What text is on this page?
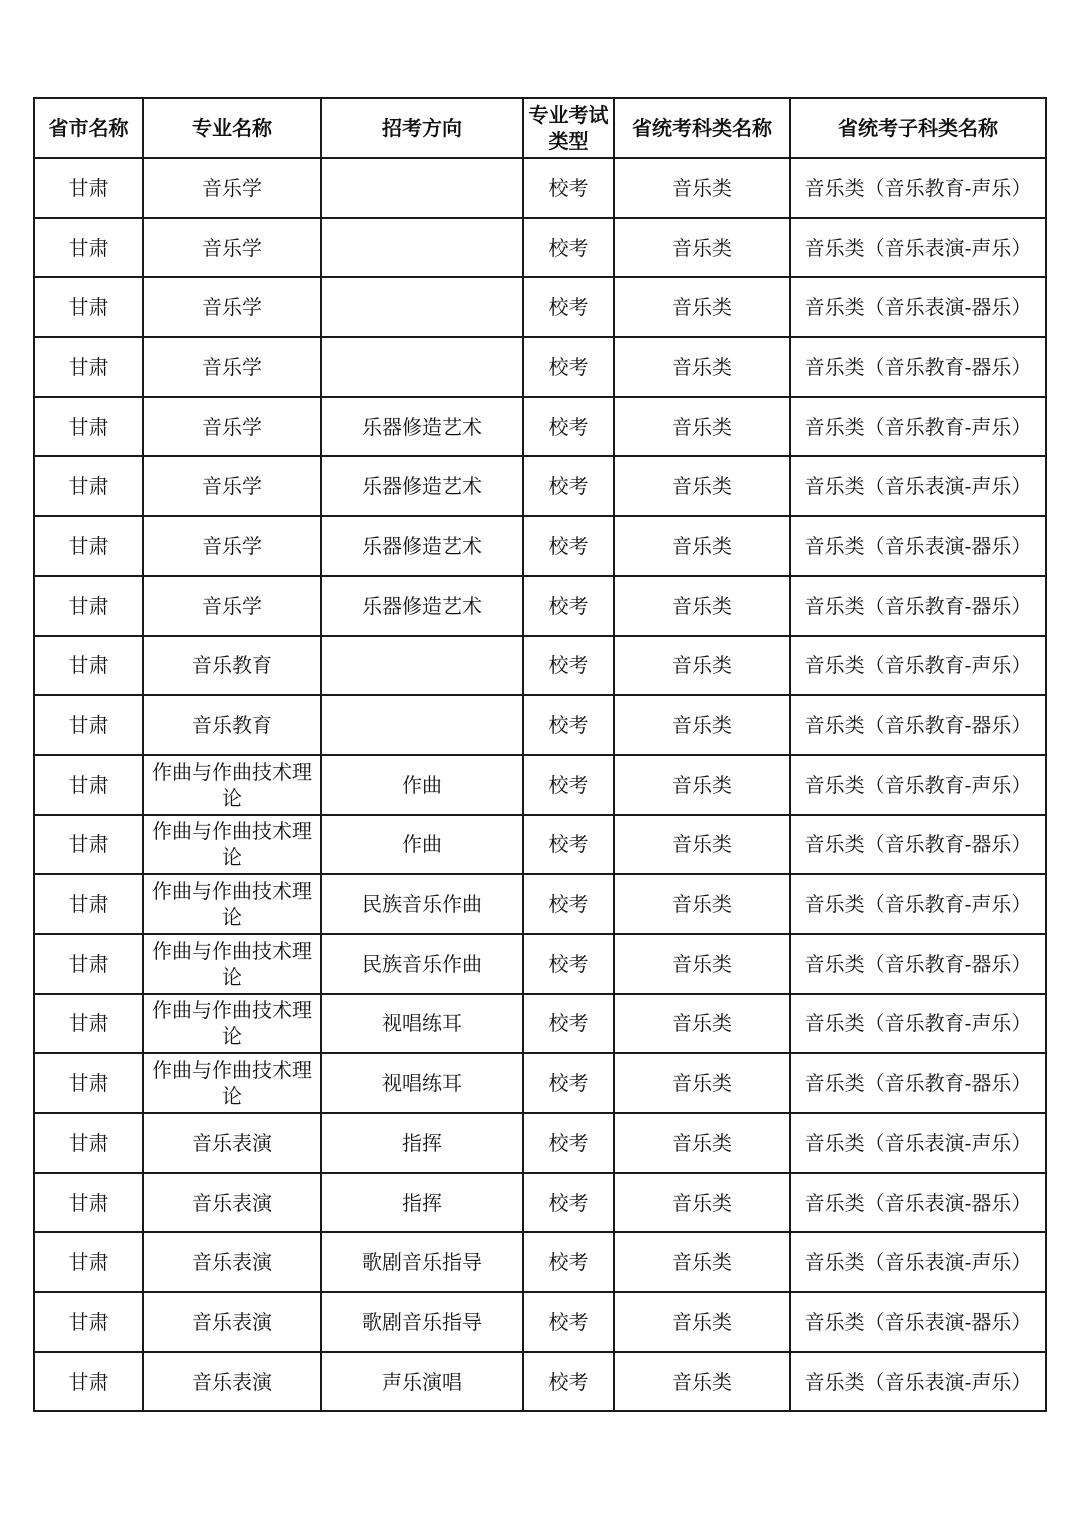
省市名称	专业名称	招考方向	专业考试类型	省统考科类名称	省统考子科类名称
甘肃	音乐学		校考	音乐类	音乐类（音乐教育-声乐）
甘肃	音乐学		校考	音乐类	音乐类（音乐表演-声乐）
甘肃	音乐学		校考	音乐类	音乐类（音乐表演-器乐）
甘肃	音乐学		校考	音乐类	音乐类（音乐教育-器乐）
甘肃	音乐学	乐器修造艺术	校考	音乐类	音乐类（音乐教育-声乐）
甘肃	音乐学	乐器修造艺术	校考	音乐类	音乐类（音乐表演-声乐）
甘肃	音乐学	乐器修造艺术	校考	音乐类	音乐类（音乐表演-器乐）
甘肃	音乐学	乐器修造艺术	校考	音乐类	音乐类（音乐教育-器乐）
甘肃	音乐教育		校考	音乐类	音乐类（音乐教育-声乐）
甘肃	音乐教育		校考	音乐类	音乐类（音乐教育-器乐）
甘肃	作曲与作曲技术理论	作曲	校考	音乐类	音乐类（音乐教育-声乐）
甘肃	作曲与作曲技术理论	作曲	校考	音乐类	音乐类（音乐教育-器乐）
甘肃	作曲与作曲技术理论	民族音乐作曲	校考	音乐类	音乐类（音乐教育-声乐）
甘肃	作曲与作曲技术理论	民族音乐作曲	校考	音乐类	音乐类（音乐教育-器乐）
甘肃	作曲与作曲技术理论	视唱练耳	校考	音乐类	音乐类（音乐教育-声乐）
甘肃	作曲与作曲技术理论	视唱练耳	校考	音乐类	音乐类（音乐教育-器乐）
甘肃	音乐表演	指挥	校考	音乐类	音乐类（音乐表演-声乐）
甘肃	音乐表演	指挥	校考	音乐类	音乐类（音乐表演-器乐）
甘肃	音乐表演	歌剧音乐指导	校考	音乐类	音乐类（音乐表演-声乐）
甘肃	音乐表演	歌剧音乐指导	校考	音乐类	音乐类（音乐表演-器乐）
甘肃	音乐表演	声乐演唱	校考	音乐类	音乐类（音乐表演-声乐）
